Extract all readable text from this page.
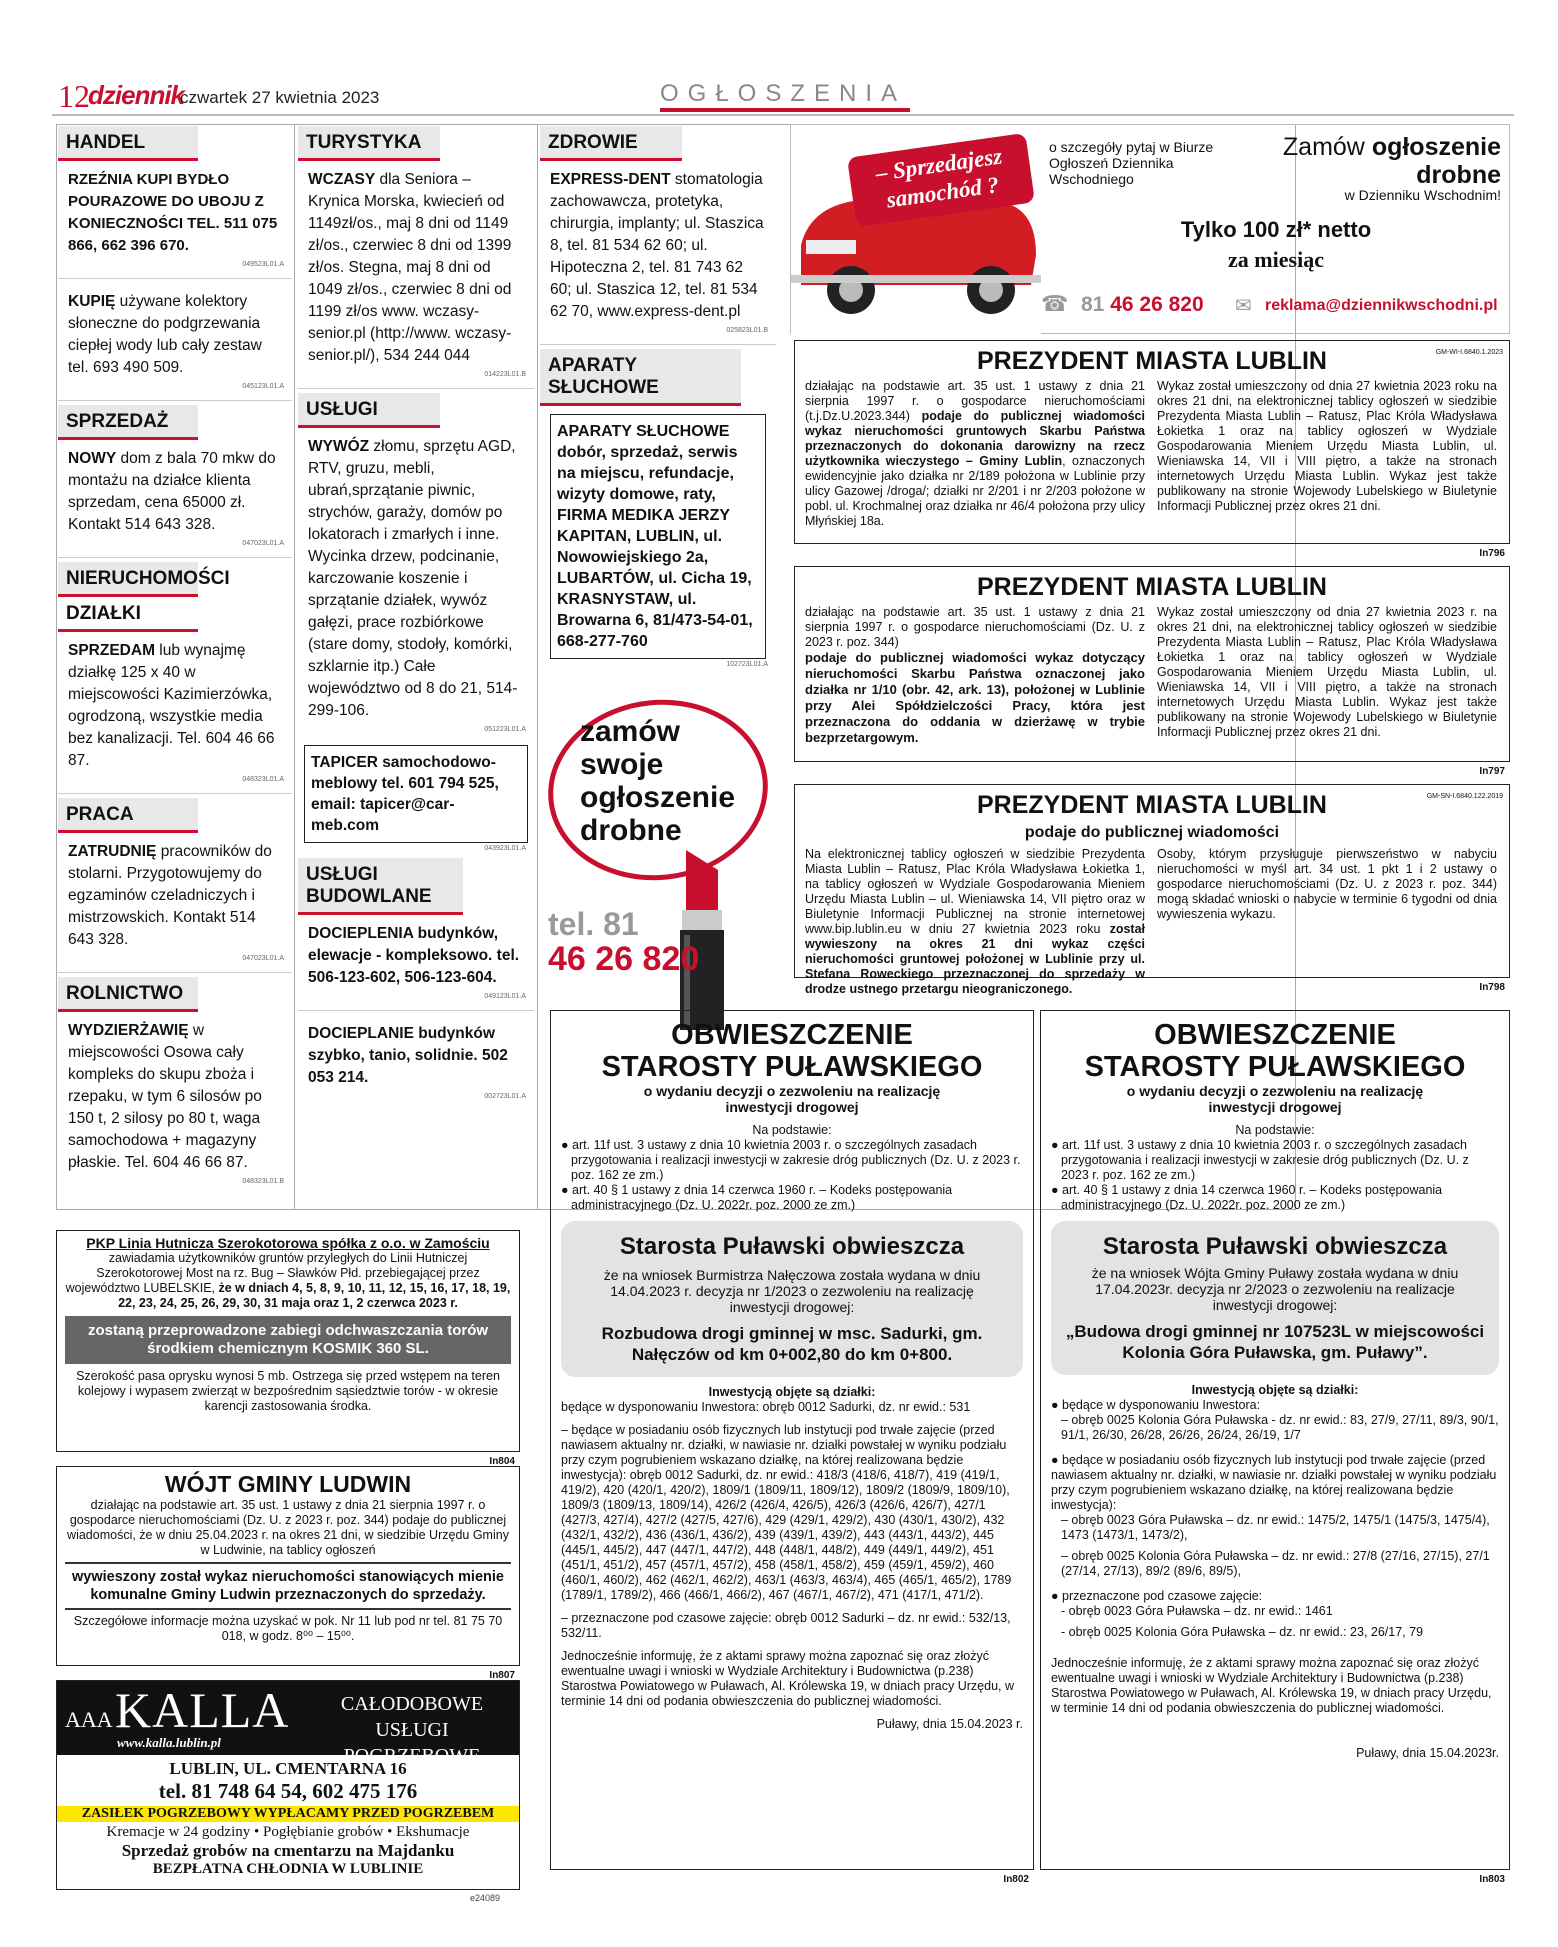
12
dziennik
czwartek 27 kwietnia 2023	OGŁOSZENIA
HANDEL
RZEŹNIA KUPI BYDŁO POURAZOWE DO UBOJU Z KONIECZNOŚCI TEL. 511 075 866, 662 396 670.
049523L01.A
KUPIĘ używane kolektory słoneczne do podgrzewania ciepłej wody lub cały zestaw tel. 693 490 509.
045123L01.A
SPRZEDAŻ
NOWY dom z bala 70 mkw do montażu na działce klienta sprzedam, cena 65000 zł. Kontakt 514 643 328.
047023L01.A
NIERUCHOMOŚCI DZIAŁKI
SPRZEDAM lub wynajmę działkę 125 x 40 w miejscowości Kazimierzówka, ogrodzoną, wszystkie media bez kanalizacji. Tel. 604 46 66 87.
048323L01.A
PRACA
ZATRUDNIĘ pracowników do stolarni. Przygotowujemy do egzaminów czeladniczych i mistrzowskich. Kontakt 514 643 328.
047023L01.A
ROLNICTWO
WYDZIERŻAWIĘ w miejscowości Osowa cały kompleks do skupu zboża i rzepaku, w tym 6 silosów po 150 t, 2 silosy po 80 t, waga samochodowa + magazyny płaskie. Tel. 604 46 66 87.
048323L01.B
TURYSTYKA
WCZASY dla Seniora – Krynica Morska, kwiecień od 1149zł/os., maj 8 dni od 1149 zł/os., czerwiec 8 dni od 1399 zł/os. Stegna, maj 8 dni od 1049 zł/os., czerwiec 8 dni od 1199 zł/os www. wczasy-senior.pl (http://www. wczasy-senior.pl/), 534 244 044
014223L01.B
USŁUGI
WYWÓZ złomu, sprzętu AGD, RTV, gruzu, mebli, ubrań,sprzątanie piwnic, strychów, garaży, domów po lokatorach i zmarłych i inne. Wycinka drzew, podcinanie, karczowanie koszenie i sprzątanie działek, wywóz gałęzi, prace rozbiórkowe (stare domy, stodoły, komórki, szklarnie itp.) Całe województwo od 8 do 21, 514-299-106.
051223L01.A
TAPICER samochodowo-meblowy tel. 601 794 525, email: tapicer@car-meb.com
043923L01.A
USŁUGI BUDOWLANE
DOCIEPLENIA budynków, elewacje - kompleksowo. tel. 506-123-602, 506-123-604.
049123L01.A
DOCIEPLANIE budynków szybko, tanio, solidnie. 502 053 214.
002723L01.A
ZDROWIE
EXPRESS-DENT stomatologia zachowawcza, protetyka, chirurgia, implanty; ul. Staszica 8, tel. 81 534 62 60; ul. Hipoteczna 2, tel. 81 743 62 60; ul. Staszica 12, tel. 81 534 62 70, www.express-dent.pl
025823L01.B
APARATY SŁUCHOWE
APARATY SŁUCHOWE dobór, sprzedaż, serwis na miejscu, refundacje, wizyty domowe, raty, FIRMA MEDIKA JERZY KAPITAN, LUBLIN, ul. Nowowiejskiego 2a, LUBARTÓW, ul. Cicha 19, KRASNYSTAW, ul. Browarna 6, 81/473-54-01, 668-277-760
102723L01.A
zamów swoje ogłoszenie drobne
tel. 81
46 26 820
– Sprzedajesz samochód ?
o szczegóły pytaj w Biurze Ogłoszeń Dziennika Wschodniego
Zamów ogłoszenie
drobne
w Dzienniku Wschodnim!
Tylko 100 zł* netto
za miesiąc
☎ 81 46 26 820 ✉ reklama@dziennikwschodni.pl
PREZYDENT MIASTA LUBLIN	GM-WI-I.6840.1.2023
działając na podstawie art. 35 ust. 1 ustawy z dnia 21 sierpnia 1997 r. o gospodarce nieruchomościami (t.j.Dz.U.2023.344) podaje do publicznej wiadomości wykaz nieruchomości gruntowych Skarbu Państwa przeznaczonych do dokonania darowizny na rzecz użytkownika wieczystego – Gminy Lublin, oznaczonych ewidencyjnie jako działka nr 2/189 położona w Lublinie przy ulicy Gazowej /droga/; działki nr 2/201 i nr 2/203 położone w pobl. ul. Krochmalnej oraz działka nr 46/4 położona przy ulicy Młyńskiej 18a.
Wykaz został umieszczony od dnia 27 kwietnia 2023 roku na okres 21 dni, na elektronicznej tablicy ogłoszeń w siedzibie Prezydenta Miasta Lublin – Ratusz, Plac Króla Władysława Łokietka 1 oraz na tablicy ogłoszeń w Wydziale Gospodarowania Mieniem Urzędu Miasta Lublin, ul. Wieniawska 14, VII i VIII piętro, a także na stronach internetowych Urzędu Miasta Lublin. Wykaz jest także publikowany na stronie Wojewody Lubelskiego w Biuletynie Informacji Publicznej przez okres 21 dni.
In796
PREZYDENT MIASTA LUBLIN
działając na podstawie art. 35 ust. 1 ustawy z dnia 21 sierpnia 1997 r. o gospodarce nieruchomościami (Dz. U. z 2023 r. poz. 344)
podaje do publicznej wiadomości wykaz dotyczący nieruchomości Skarbu Państwa oznaczonej jako działka nr 1/10 (obr. 42, ark. 13), położonej w Lublinie przy Alei Spółdzielczości Pracy, która jest przeznaczona do oddania w dzierżawę w trybie bezprzetargowym.
Wykaz został umieszczony od dnia 27 kwietnia 2023 r. na okres 21 dni, na elektronicznej tablicy ogłoszeń w siedzibie Prezydenta Miasta Lublin – Ratusz, Plac Króla Władysława Łokietka 1 oraz na tablicy ogłoszeń w Wydziale Gospodarowania Mieniem Urzędu Miasta Lublin, ul. Wieniawska 14, VII i VIII piętro, a także na stronach internetowych Urzędu Miasta Lublin. Wykaz jest także publikowany na stronie Wojewody Lubelskiego w Biuletynie Informacji Publicznej przez okres 21 dni.
In797
PREZYDENT MIASTA LUBLIN	GM-SN-I.6840.122.2019
podaje do publicznej wiadomości
Na elektronicznej tablicy ogłoszeń w siedzibie Prezydenta Miasta Lublin – Ratusz, Plac Króla Władysława Łokietka 1, na tablicy ogłoszeń w Wydziale Gospodarowania Mieniem Urzędu Miasta Lublin – ul. Wieniawska 14, VII piętro oraz w Biuletynie Informacji Publicznej na stronie internetowej www.bip.lublin.eu w dniu 27 kwietnia 2023 roku został wywieszony na okres 21 dni wykaz części nieruchomości gruntowej położonej w Lublinie przy ul. Stefana Roweckiego przeznaczonej do sprzedaży w drodze ustnego przetargu nieograniczonego.
Osoby, którym przysługuje pierwszeństwo w nabyciu nieruchomości w myśl art. 34 ust. 1 pkt 1 i 2 ustawy o gospodarce nieruchomościami (Dz. U. z 2023 r. poz. 344) mogą składać wnioski o nabycie w terminie 6 tygodni od dnia wywieszenia wykazu.
In798
PKP Linia Hutnicza Szerokotorowa spółka z o.o. w Zamościu
zawiadamia użytkowników gruntów przyległych do Linii Hutniczej Szerokotorowej Most na rz. Bug – Sławków Płd. przebiegającej przez województwo LUBELSKIE, że w dniach 4, 5, 8, 9, 10, 11, 12, 15, 16, 17, 18, 19, 22, 23, 24, 25, 26, 29, 30, 31 maja oraz 1, 2 czerwca 2023 r.
zostaną przeprowadzone zabiegi odchwaszczania torów środkiem chemicznym KOSMIK 360 SL.
Szerokość pasa oprysku wynosi 5 mb. Ostrzega się przed wstępem na teren kolejowy i wypasem zwierząt w bezpośrednim sąsiedztwie torów - w okresie karencji zastosowania środka.
In804
WÓJT GMINY LUDWIN
działając na podstawie art. 35 ust. 1 ustawy z dnia 21 sierpnia 1997 r. o gospodarce nieruchomościami (Dz. U. z 2023 r. poz. 344) podaje do publicznej wiadomości, że w dniu 25.04.2023 r. na okres 21 dni, w siedzibie Urzędu Gminy w Ludwinie, na tablicy ogłoszeń
wywieszony został wykaz nieruchomości stanowiących mienie komunalne Gminy Ludwin przeznaczonych do sprzedaży.
Szczegółowe informacje można uzyskać w pok. Nr 11 lub pod nr tel. 81 75 70 018, w godz. 8⁰⁰ – 15⁰⁰.
In807
AAA KALLA
www.kalla.lublin.pl
CAŁODOBOWE USŁUGI
POGRZEBOWE
LUBLIN, UL. CMENTARNA 16
tel. 81 748 64 54, 602 475 176
ZASIŁEK POGRZEBOWY WYPŁACAMY PRZED POGRZEBEM
Kremacje w 24 godziny • Pogłębianie grobów • Ekshumacje
Sprzedaż grobów na cmentarzu na Majdanku
BEZPŁATNA CHŁODNIA W LUBLINIE
e24089
OBWIESZCZENIE
STAROSTY PUŁAWSKIEGO
o wydaniu decyzji o zezwoleniu na realizację inwestycji drogowej
Na podstawie:
● art. 11f ust. 3 ustawy z dnia 10 kwietnia 2003 r. o szczególnych zasadach przygotowania i realizacji inwestycji w zakresie dróg publicznych (Dz. U. z 2023 r. poz. 162 ze zm.)
● art. 40 § 1 ustawy z dnia 14 czerwca 1960 r. – Kodeks postępowania administracyjnego (Dz. U. 2022r. poz. 2000 ze zm.)
Starosta Puławski obwieszcza
że na wniosek Burmistrza Nałęczowa została wydana w dniu 14.04.2023 r. decyzja nr 1/2023 o zezwoleniu na realizację inwestycji drogowej:
Rozbudowa drogi gminnej w msc. Sadurki, gm. Nałęczów od km 0+002,80 do km 0+800.
Inwestycją objęte są działki:
będące w dysponowaniu Inwestora: obręb 0012 Sadurki, dz. nr ewid.: 531
– będące w posiadaniu osób fizycznych lub instytucji pod trwałe zajęcie (przed nawiasem aktualny nr. działki, w nawiasie nr. działki powstałej w wyniku podziału przy czym pogrubieniem wskazano działkę, na której realizowana będzie inwestycja): obręb 0012 Sadurki, dz. nr ewid.: 418/3 (418/6, 418/7), 419 (419/1, 419/2), 420 (420/1, 420/2), 1809/1 (1809/11, 1809/12), 1809/2 (1809/9, 1809/10), 1809/3 (1809/13, 1809/14), 426/2 (426/4, 426/5), 426/3 (426/6, 426/7), 427/1 (427/3, 427/4), 427/2 (427/5, 427/6), 429 (429/1, 429/2), 430 (430/1, 430/2), 432 (432/1, 432/2), 436 (436/1, 436/2), 439 (439/1, 439/2), 443 (443/1, 443/2), 445 (445/1, 445/2), 447 (447/1, 447/2), 448 (448/1, 448/2), 449 (449/1, 449/2), 451 (451/1, 451/2), 457 (457/1, 457/2), 458 (458/1, 458/2), 459 (459/1, 459/2), 460 (460/1, 460/2), 462 (462/1, 462/2), 463/1 (463/3, 463/4), 465 (465/1, 465/2), 1789 (1789/1, 1789/2), 466 (466/1, 466/2), 467 (467/1, 467/2), 471 (417/1, 471/2).
– przeznaczone pod czasowe zajęcie: obręb 0012 Sadurki – dz. nr ewid.: 532/13, 532/11.
Jednocześnie informuję, że z aktami sprawy można zapoznać się oraz złożyć ewentualne uwagi i wnioski w Wydziale Architektury i Budownictwa (p.238) Starostwa Powiatowego w Puławach, Al. Królewska 19, w dniach pracy Urzędu, w terminie 14 dni od podania obwieszczenia do publicznej wiadomości.
Puławy, dnia 15.04.2023 r.
In802
OBWIESZCZENIE
STAROSTY PUŁAWSKIEGO
o wydaniu decyzji o zezwoleniu na realizację inwestycji drogowej
Na podstawie:
● art. 11f ust. 3 ustawy z dnia 10 kwietnia 2003 r. o szczególnych zasadach przygotowania i realizacji inwestycji w zakresie dróg publicznych (Dz. U. z 2023 r. poz. 162 ze zm.)
● art. 40 § 1 ustawy z dnia 14 czerwca 1960 r. – Kodeks postępowania administracyjnego (Dz. U. 2022r. poz. 2000 ze zm.)
Starosta Puławski obwieszcza
że na wniosek Wójta Gminy Puławy została wydana w dniu 17.04.2023r. decyzja nr 2/2023 o zezwoleniu na realizacje inwestycji drogowej:
„Budowa drogi gminnej nr 107523L w miejscowości Kolonia Góra Puławska, gm. Puławy”.
Inwestycją objęte są działki:
● będące w dysponowaniu Inwestora:
– obręb 0025 Kolonia Góra Puławska - dz. nr ewid.: 83, 27/9, 27/11, 89/3, 90/1, 91/1, 26/30, 26/28, 26/26, 26/24, 26/19, 1/7
● będące w posiadaniu osób fizycznych lub instytucji pod trwałe zajęcie (przed nawiasem aktualny nr. działki, w nawiasie nr. działki powstałej w wyniku podziału przy czym pogrubieniem wskazano działkę, na której realizowana będzie inwestycja):
– obręb 0023 Góra Puławska – dz. nr ewid.: 1475/2, 1475/1 (1475/3, 1475/4), 1473 (1473/1, 1473/2),
– obręb 0025 Kolonia Góra Puławska – dz. nr ewid.: 27/8 (27/16, 27/15), 27/1 (27/14, 27/13), 89/2 (89/6, 89/5),
● przeznaczone pod czasowe zajęcie:
- obręb 0023 Góra Puławska – dz. nr ewid.: 1461
- obręb 0025 Kolonia Góra Puławska – dz. nr ewid.: 23, 26/17, 79
Jednocześnie informuję, że z aktami sprawy można zapoznać się oraz złożyć ewentualne uwagi i wnioski w Wydziale Architektury i Budownictwa (p.238) Starostwa Powiatowego w Puławach, Al. Królewska 19, w dniach pracy Urzędu, w terminie 14 dni od podania obwieszczenia do publicznej wiadomości.
Puławy, dnia 15.04.2023r.
In803
